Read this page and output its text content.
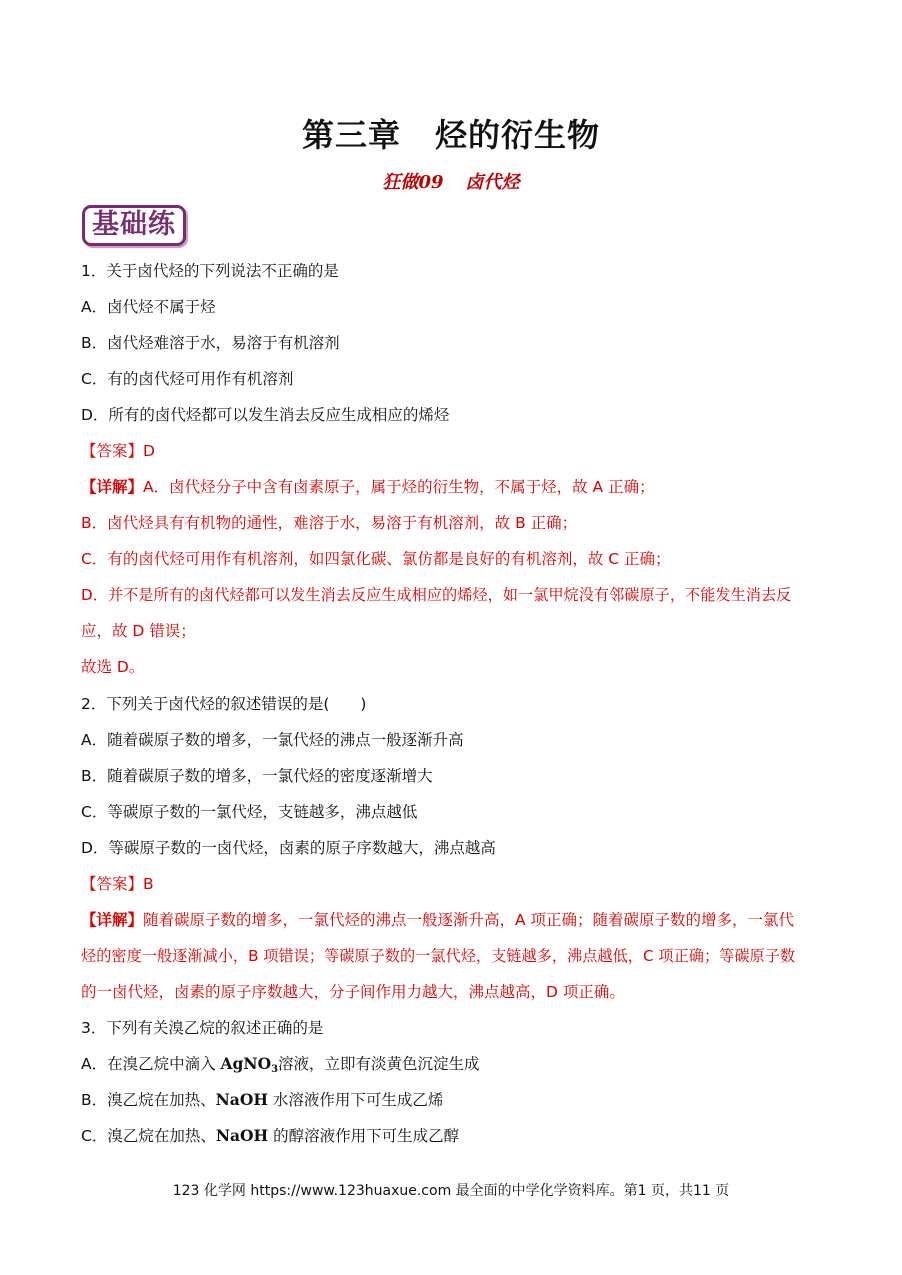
第三章 烃的衍生物
狂做09 卤代烃
基础练
1．关于卤代烃的下列说法不正确的是
A．卤代烃不属于烃
B．卤代烃难溶于水，易溶于有机溶剂
C．有的卤代烃可用作有机溶剂
D．所有的卤代烃都可以发生消去反应生成相应的烯烃
【答案】D
【详解】A．卤代烃分子中含有卤素原子，属于烃的衍生物，不属于烃，故 A 正确；
B．卤代烃具有有机物的通性，难溶于水，易溶于有机溶剂，故 B 正确；
C．有的卤代烃可用作有机溶剂，如四氯化碳、氯仿都是良好的有机溶剂，故 C 正确；
D．并不是所有的卤代烃都可以发生消去反应生成相应的烯烃，如一氯甲烷没有邻碳原子，不能发生消去反
应，故 D 错误；
故选 D。
2．下列关于卤代烃的叙述错误的是(　　)
A．随着碳原子数的增多，一氯代烃的沸点一般逐渐升高
B．随着碳原子数的增多，一氯代烃的密度逐渐增大
C．等碳原子数的一氯代烃，支链越多，沸点越低
D．等碳原子数的一卤代烃，卤素的原子序数越大，沸点越高
【答案】B
【详解】随着碳原子数的增多，一氯代烃的沸点一般逐渐升高，A 项正确；随着碳原子数的增多，一氯代
烃的密度一般逐渐减小，B 项错误；等碳原子数的一氯代烃，支链越多，沸点越低，C 项正确；等碳原子数
的一卤代烃，卤素的原子序数越大，分子间作用力越大，沸点越高，D 项正确。
3．下列有关溴乙烷的叙述正确的是
A．在溴乙烷中滴入 AgNO$_3$溶液，立即有淡黄色沉淀生成
B．溴乙烷在加热、NaOH 水溶液作用下可生成乙烯
C．溴乙烷在加热、NaOH 的醇溶液作用下可生成乙醇
123 化学网 https://www.123huaxue.com 最全面的中学化学资料库。第1 页，共11 页
